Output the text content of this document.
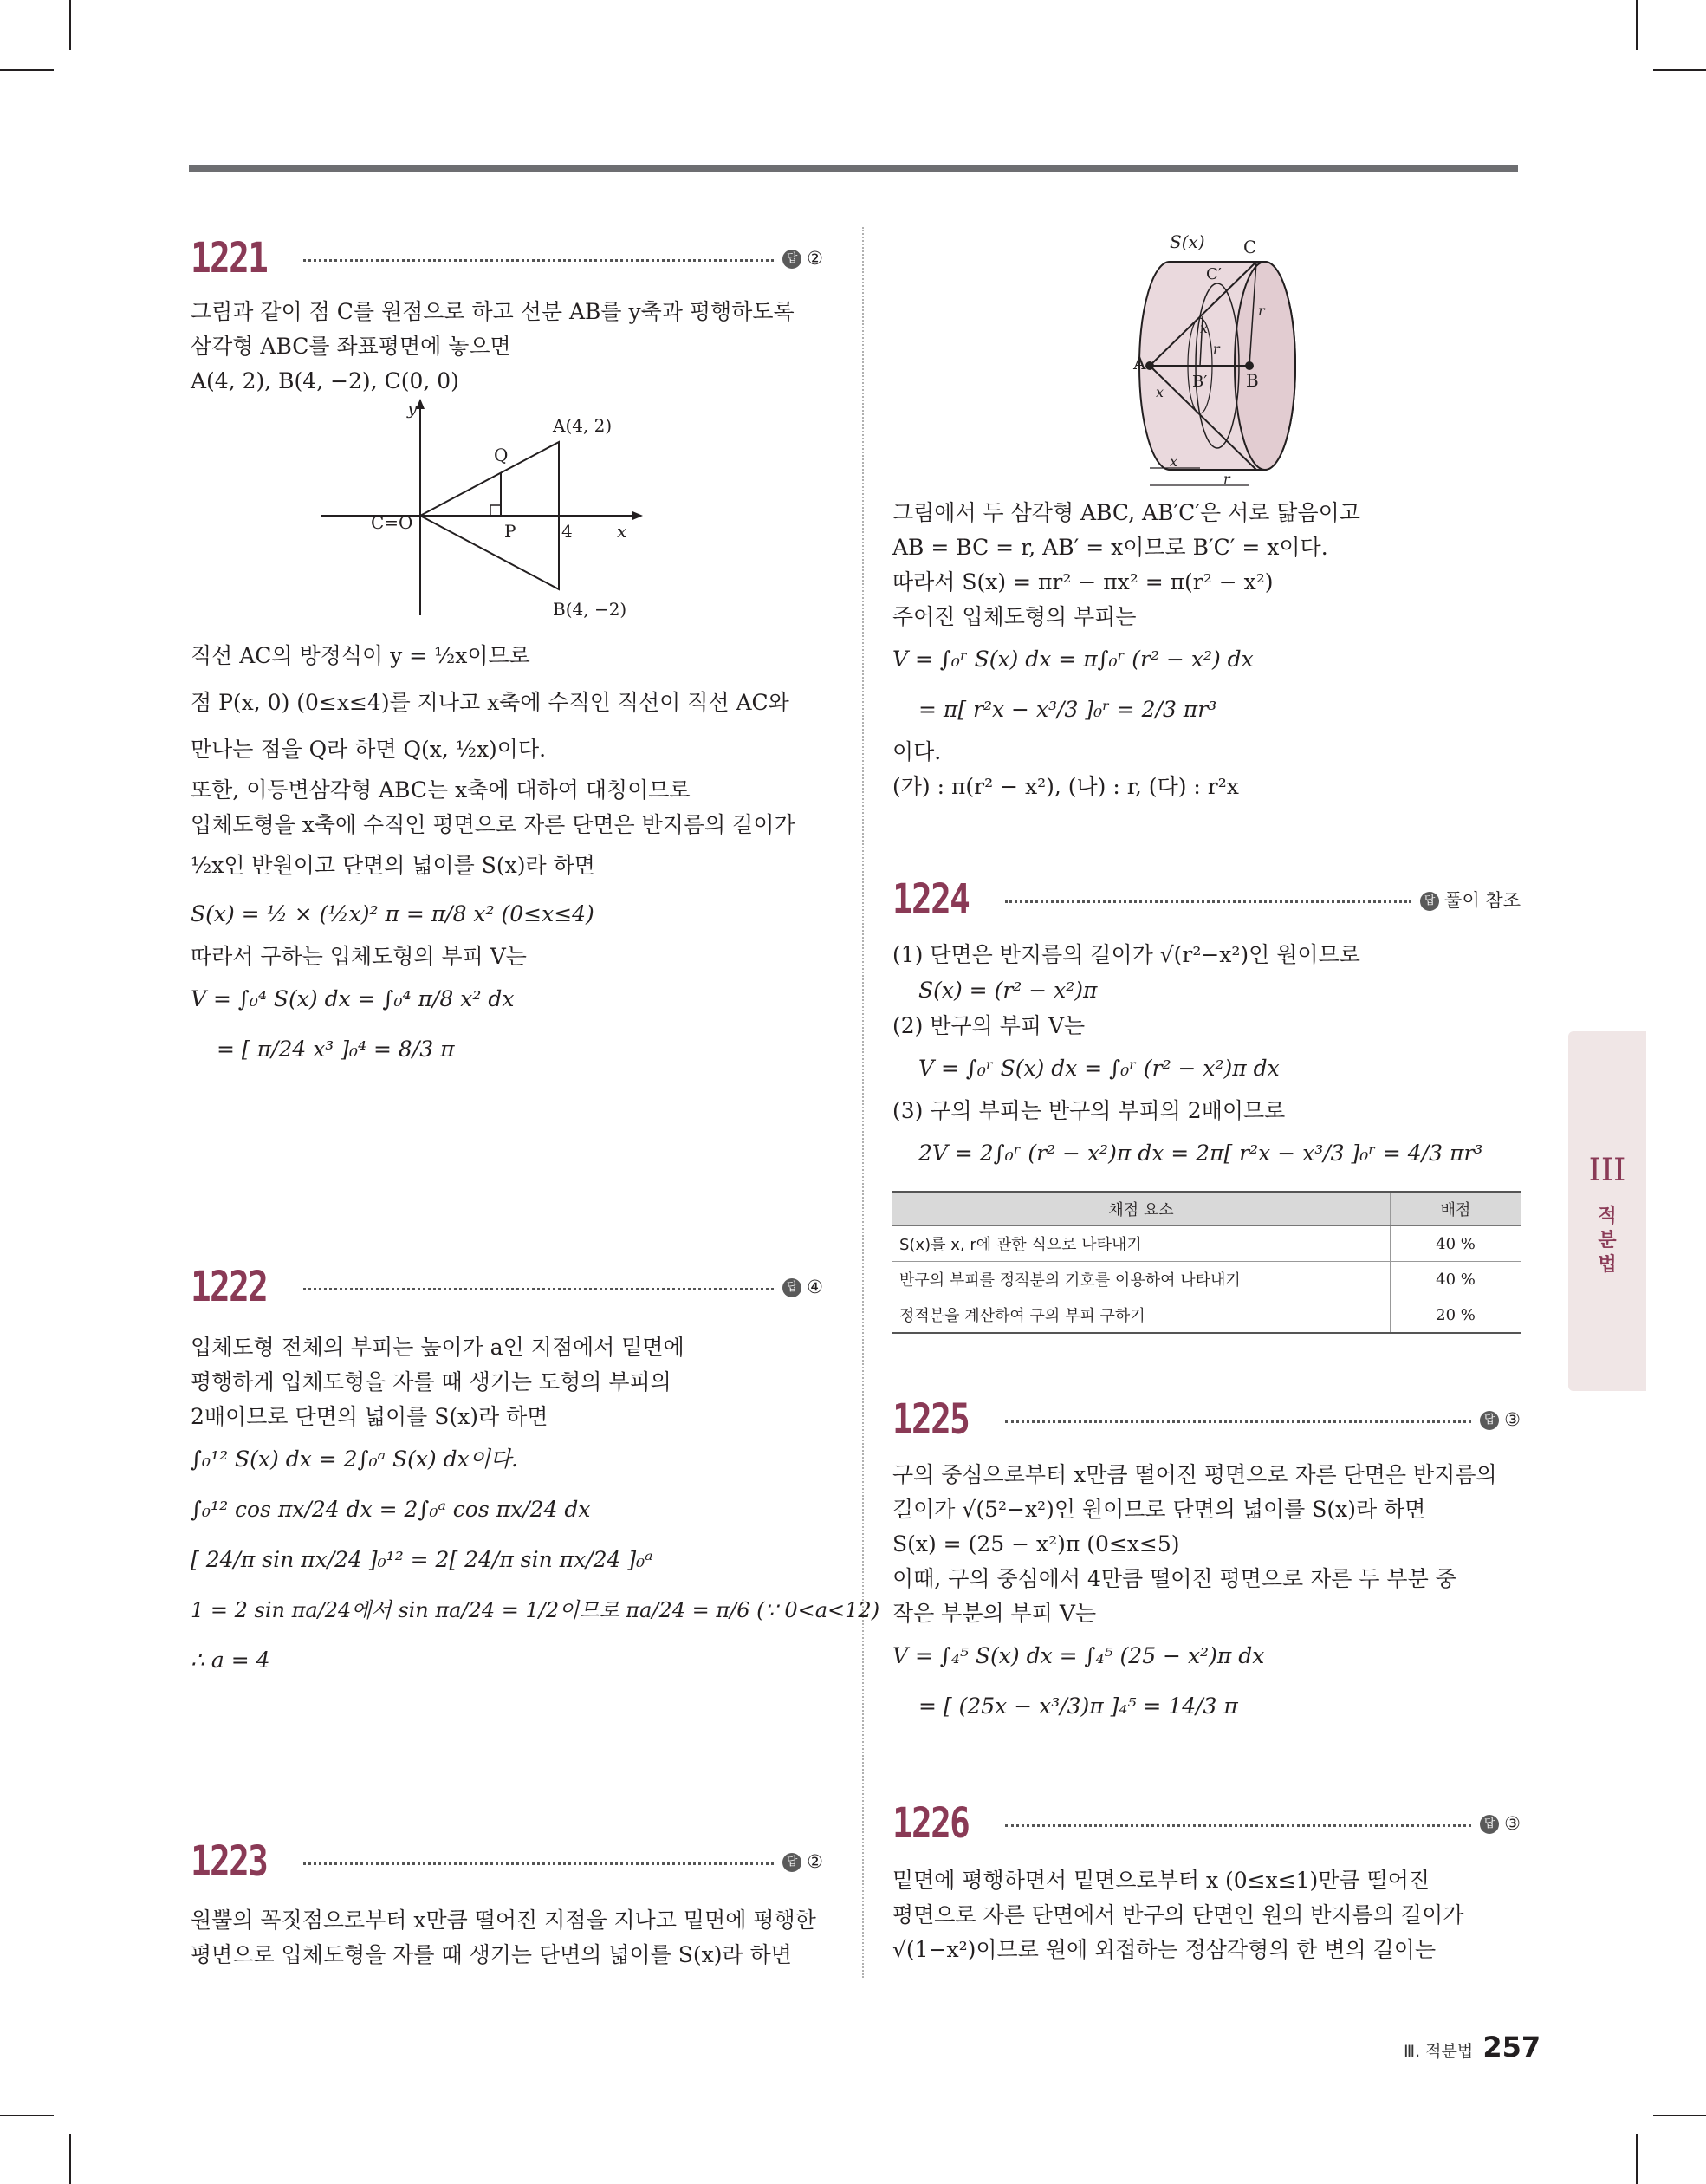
1221	답 ②

그림과 같이 점 C를 원점으로 하고 선분 AB를 y축과 평행하도록

삼각형 ABC를 좌표평면에 놓으면

A(4, 2), B(4, −2), C(0, 0)

y
x
C=O
A(4, 2)
B(4, −2)
Q
P	4

직선 AC의 방정식이 y = ½x이므로

점 P(x, 0) (0≤x≤4)를 지나고 x축에 수직인 직선이 직선 AC와

만나는 점을 Q라 하면 Q(x, ½x)이다.

또한, 이등변삼각형 ABC는 x축에 대하여 대칭이므로

입체도형을 x축에 수직인 평면으로 자른 단면은 반지름의 길이가

½x인 반원이고 단면의 넓이를 S(x)라 하면

S(x) = ½ × (½x)² π = π/8 x² (0≤x≤4)

따라서 구하는 입체도형의 부피 V는

V = ∫₀⁴ S(x) dx = ∫₀⁴ π/8 x² dx

= [ π/24 x³ ]₀⁴ = 8/3 π

1222	답 ④

입체도형 전체의 부피는 높이가 a인 지점에서 밑면에

평행하게 입체도형을 자를 때 생기는 도형의 부피의

2배이므로 단면의 넓이를 S(x)라 하면

∫₀¹² S(x) dx = 2∫₀ᵃ S(x) dx이다.

∫₀¹² cos πx/24 dx = 2∫₀ᵃ cos πx/24 dx

[ 24/π sin πx/24 ]₀¹² = 2[ 24/π sin πx/24 ]₀ᵃ

1 = 2 sin πa/24에서 sin πa/24 = 1/2이므로 πa/24 = π/6 (∵ 0<a<12)

∴ a = 4

1223	답 ②

원뿔의 꼭짓점으로부터 x만큼 떨어진 지점을 지나고 밑면에 평행한

평면으로 입체도형을 자를 때 생기는 단면의 넓이를 S(x)라 하면

S(x) C
C′
A
B′ B
x
x
r
r
x
r

그림에서 두 삼각형 ABC, AB′C′은 서로 닮음이고

AB = BC = r, AB′ = x이므로 B′C′ = x이다.

따라서 S(x) = πr² − πx² = π(r² − x²)

주어진 입체도형의 부피는

V = ∫₀ʳ S(x) dx = π∫₀ʳ (r² − x²) dx

= π[ r²x − x³/3 ]₀ʳ = 2/3 πr³

이다.

(가) : π(r² − x²), (나) : r, (다) : r²x

1224	답 풀이 참조

(1) 단면은 반지름의 길이가 √(r²−x²)인 원이므로

S(x) = (r² − x²)π

(2) 반구의 부피 V는

V = ∫₀ʳ S(x) dx = ∫₀ʳ (r² − x²)π dx

(3) 구의 부피는 반구의 부피의 2배이므로

2V = 2∫₀ʳ (r² − x²)π dx = 2π[ r²x − x³/3 ]₀ʳ = 4/3 πr³

채점 요소	배점
S(x)를 x, r에 관한 식으로 나타내기	40 %
반구의 부피를 정적분의 기호를 이용하여 나타내기	40 %
정적분을 계산하여 구의 부피 구하기	20 %
1225	답 ③

구의 중심으로부터 x만큼 떨어진 평면으로 자른 단면은 반지름의

길이가 √(5²−x²)인 원이므로 단면의 넓이를 S(x)라 하면

S(x) = (25 − x²)π (0≤x≤5)

이때, 구의 중심에서 4만큼 떨어진 평면으로 자른 두 부분 중

작은 부분의 부피 V는

V = ∫₄⁵ S(x) dx = ∫₄⁵ (25 − x²)π dx

= [ (25x − x³/3)π ]₄⁵ = 14/3 π

1226	답 ③

밑면에 평행하면서 밑면으로부터 x (0≤x≤1)만큼 떨어진

평면으로 자른 단면에서 반구의 단면인 원의 반지름의 길이가

√(1−x²)이므로 원에 외접하는 정삼각형의 한 변의 길이는

III
적
분
법
Ⅲ. 적분법 257
